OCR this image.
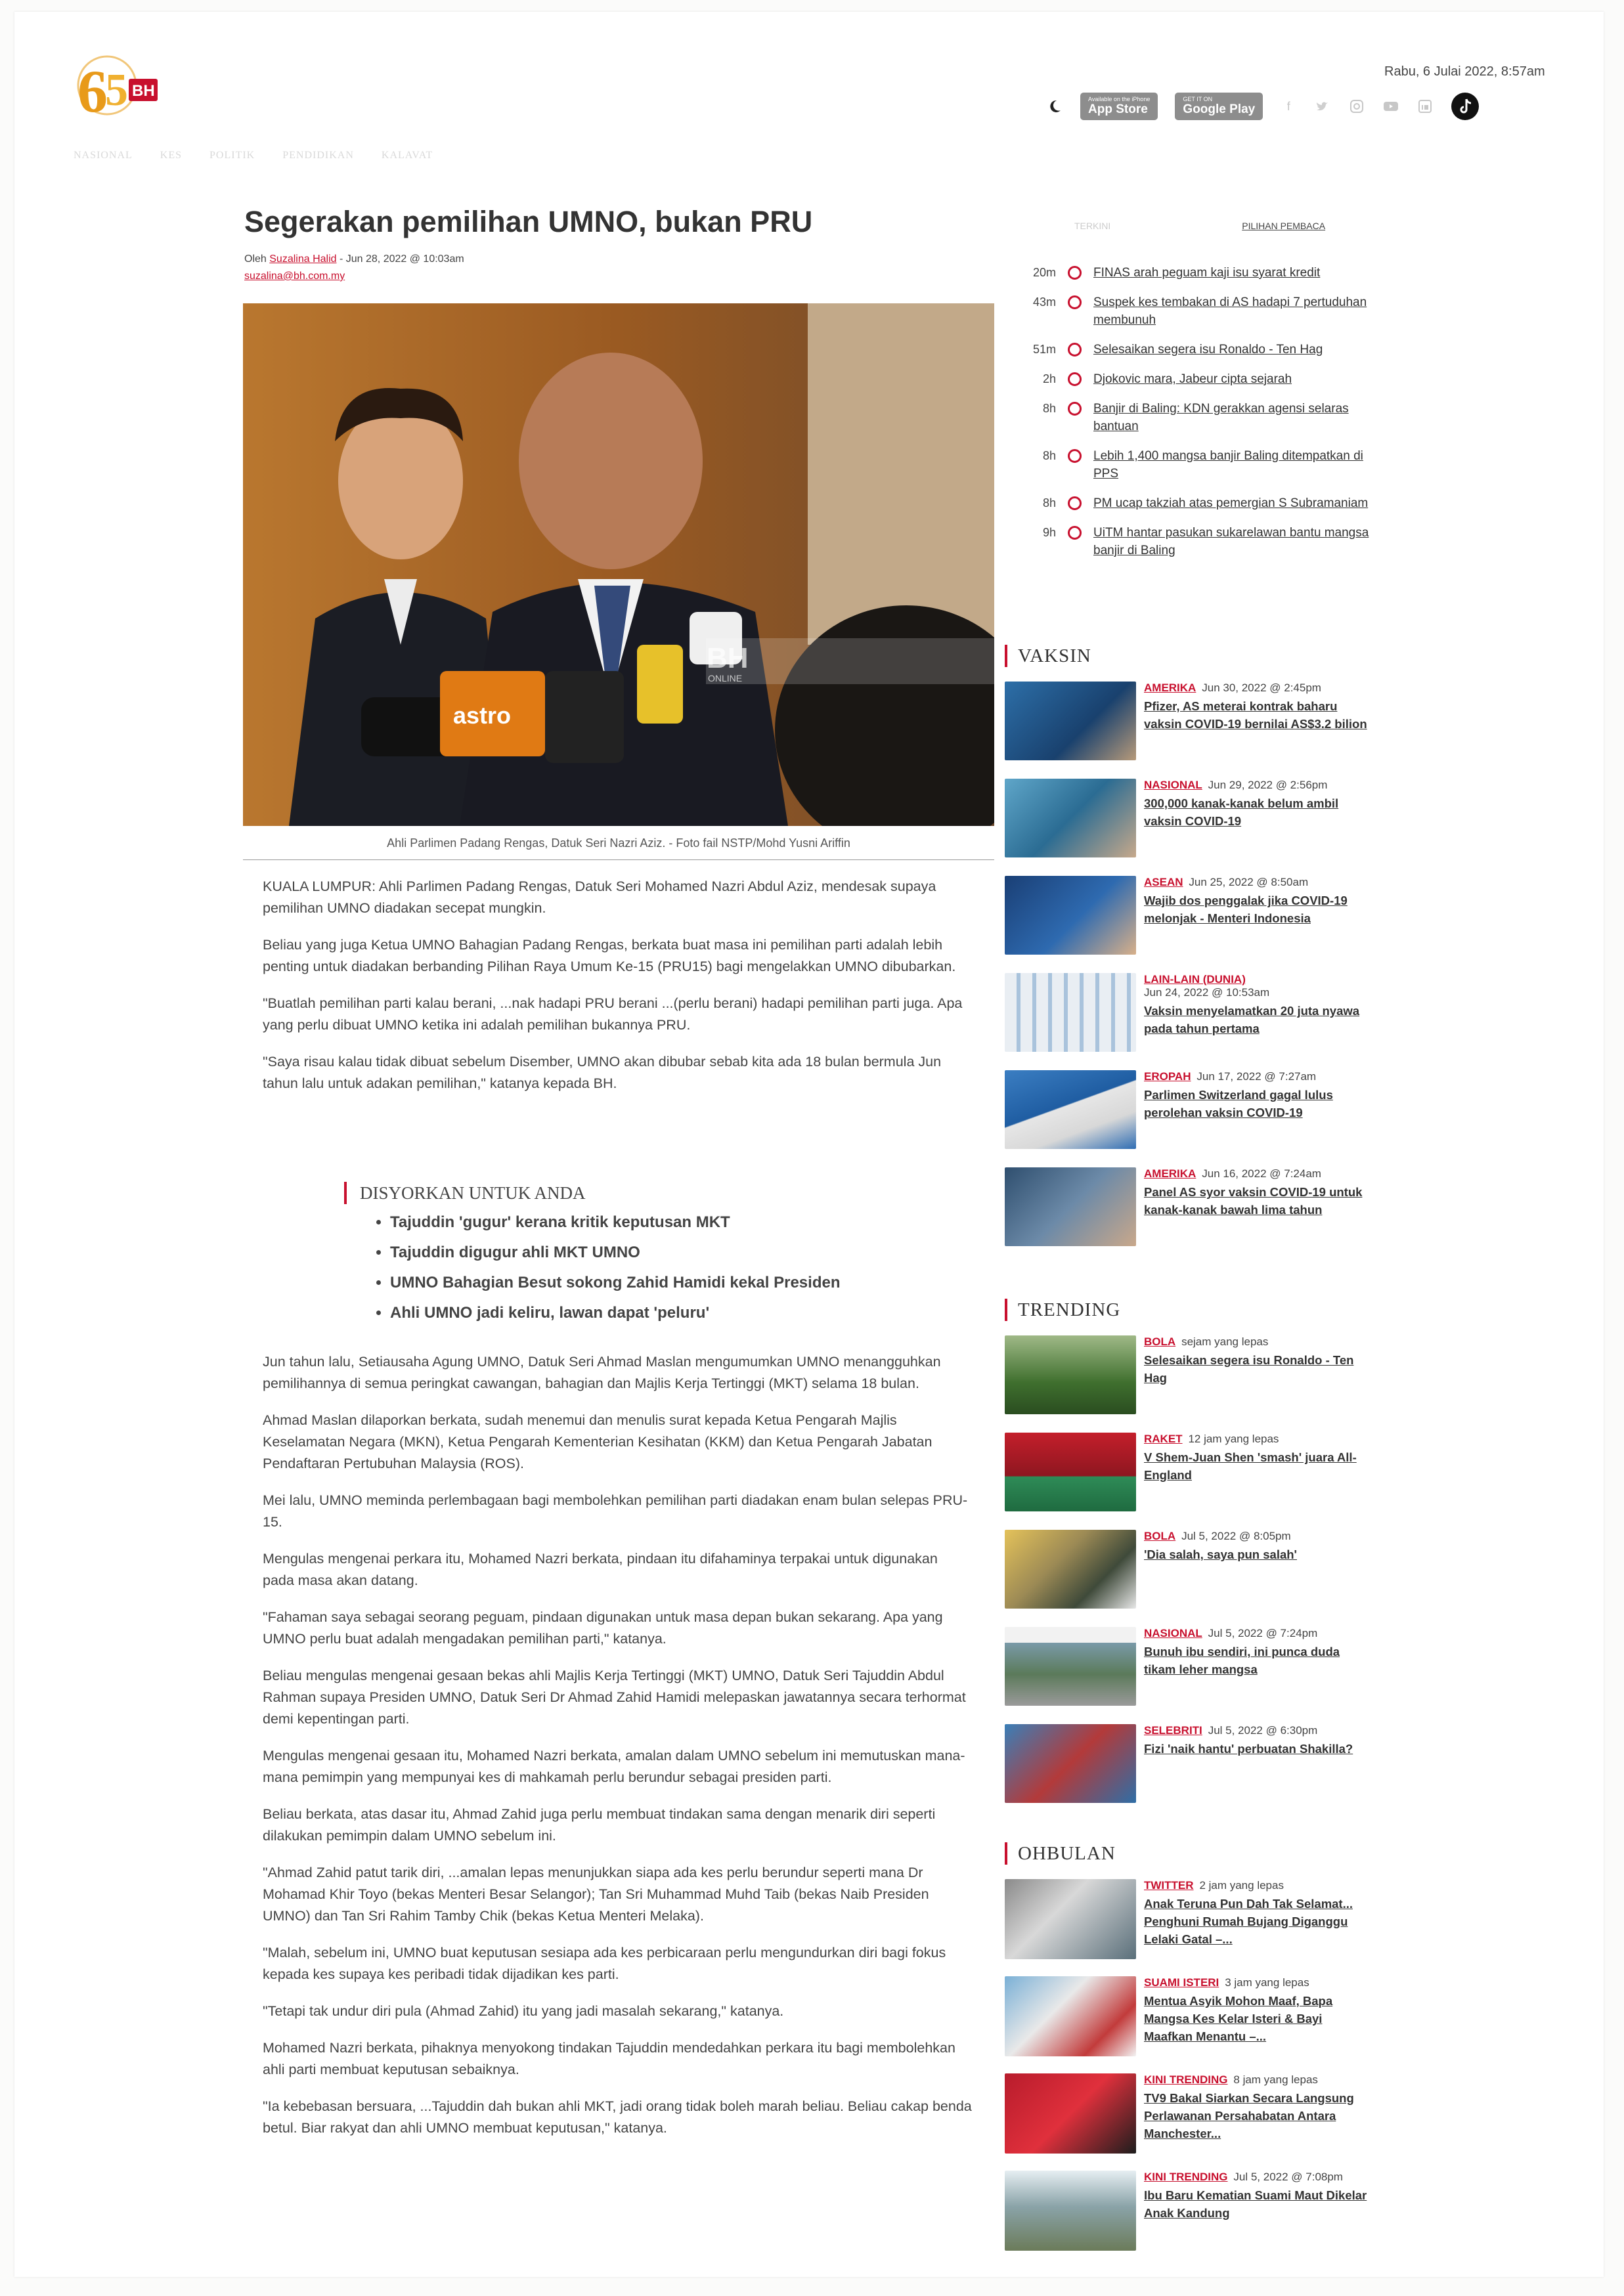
6
5 BH
Rabu, 6 Julai 2022, 8:57am
Available on the iPhone
App Store
GET IT ON
Google Play	f
NASIONAL	KES	POLITIK	PENDIDIKAN	KALAVAT
Segerakan pemilihan UMNO, bukan PRU
Oleh Suzalina Halid - Jun 28, 2022 @ 10:03am
suzalina@bh.com.my
astro
BH
ONLINE
Ahli Parlimen Padang Rengas, Datuk Seri Nazri Aziz. - Foto fail NSTP/Mohd Yusni Ariffin

KUALA LUMPUR: Ahli Parlimen Padang Rengas, Datuk Seri Mohamed Nazri Abdul Aziz, mendesak supaya pemilihan UMNO diadakan secepat mungkin.

Beliau yang juga Ketua UMNO Bahagian Padang Rengas, berkata buat masa ini pemilihan parti adalah lebih penting untuk diadakan berbanding Pilihan Raya Umum Ke-15 (PRU15) bagi mengelakkan UMNO dibubarkan.

"Buatlah pemilihan parti kalau berani, ...nak hadapi PRU berani ...(perlu berani) hadapi pemilihan parti juga. Apa yang perlu dibuat UMNO ketika ini adalah pemilihan bukannya PRU.

"Saya risau kalau tidak dibuat sebelum Disember, UMNO akan dibubar sebab kita ada 18 bulan bermula Jun tahun lalu untuk adakan pemilihan," katanya kepada BH.

DISYORKAN UNTUK ANDA
• Tajuddin 'gugur' kerana kritik keputusan MKT
• Tajuddin digugur ahli MKT UMNO
• UMNO Bahagian Besut sokong Zahid Hamidi kekal Presiden
• Ahli UMNO jadi keliru, lawan dapat 'peluru'

Jun tahun lalu, Setiausaha Agung UMNO, Datuk Seri Ahmad Maslan mengumumkan UMNO menangguhkan pemilihannya di semua peringkat cawangan, bahagian dan Majlis Kerja Tertinggi (MKT) selama 18 bulan.

Ahmad Maslan dilaporkan berkata, sudah menemui dan menulis surat kepada Ketua Pengarah Majlis Keselamatan Negara (MKN), Ketua Pengarah Kementerian Kesihatan (KKM) dan Ketua Pengarah Jabatan Pendaftaran Pertubuhan Malaysia (ROS).

Mei lalu, UMNO meminda perlembagaan bagi membolehkan pemilihan parti diadakan enam bulan selepas PRU-15.

Mengulas mengenai perkara itu, Mohamed Nazri berkata, pindaan itu difahaminya terpakai untuk digunakan pada masa akan datang.

"Fahaman saya sebagai seorang peguam, pindaan digunakan untuk masa depan bukan sekarang. Apa yang UMNO perlu buat adalah mengadakan pemilihan parti," katanya.

Beliau mengulas mengenai gesaan bekas ahli Majlis Kerja Tertinggi (MKT) UMNO, Datuk Seri Tajuddin Abdul Rahman supaya Presiden UMNO, Datuk Seri Dr Ahmad Zahid Hamidi melepaskan jawatannya secara terhormat demi kepentingan parti.

Mengulas mengenai gesaan itu, Mohamed Nazri berkata, amalan dalam UMNO sebelum ini memutuskan mana-mana pemimpin yang mempunyai kes di mahkamah perlu berundur sebagai presiden parti.

Beliau berkata, atas dasar itu, Ahmad Zahid juga perlu membuat tindakan sama dengan menarik diri seperti dilakukan pemimpin dalam UMNO sebelum ini.

"Ahmad Zahid patut tarik diri, ...amalan lepas menunjukkan siapa ada kes perlu berundur seperti mana Dr Mohamad Khir Toyo (bekas Menteri Besar Selangor); Tan Sri Muhammad Muhd Taib (bekas Naib Presiden UMNO) dan Tan Sri Rahim Tamby Chik (bekas Ketua Menteri Melaka).

"Malah, sebelum ini, UMNO buat keputusan sesiapa ada kes perbicaraan perlu mengundurkan diri bagi fokus kepada kes supaya kes peribadi tidak dijadikan kes parti.

"Tetapi tak undur diri pula (Ahmad Zahid) itu yang jadi masalah sekarang," katanya.

Mohamed Nazri berkata, pihaknya menyokong tindakan Tajuddin mendedahkan perkara itu bagi membolehkan ahli parti membuat keputusan sebaiknya.

"Ia kebebasan bersuara, ...Tajuddin dah bukan ahli MKT, jadi orang tidak boleh marah beliau. Beliau cakap benda betul. Biar rakyat dan ahli UMNO membuat keputusan," katanya.

TERKINI	PILIHAN PEMBACA
20m	FINAS arah peguam kaji isu syarat kredit
43m	Suspek kes tembakan di AS hadapi 7 pertuduhan membunuh
51m	Selesaikan segera isu Ronaldo - Ten Hag
2h	Djokovic mara, Jabeur cipta sejarah
8h	Banjir di Baling: KDN gerakkan agensi selaras bantuan
8h	Lebih 1,400 mangsa banjir Baling ditempatkan di PPS
8h	PM ucap takziah atas pemergian S Subramaniam
9h	UiTM hantar pasukan sukarelawan bantu mangsa banjir di Baling
VAKSIN
AMERIKA Jun 30, 2022 @ 2:45pm
Pfizer, AS meterai kontrak baharu vaksin COVID-19 bernilai AS$3.2 bilion
NASIONAL Jun 29, 2022 @ 2:56pm
300,000 kanak-kanak belum ambil vaksin COVID-19
ASEAN Jun 25, 2022 @ 8:50am
Wajib dos penggalak jika COVID-19 melonjak - Menteri Indonesia
LAIN-LAIN (DUNIA)
Jun 24, 2022 @ 10:53am
Vaksin menyelamatkan 20 juta nyawa pada tahun pertama
EROPAH Jun 17, 2022 @ 7:27am
Parlimen Switzerland gagal lulus perolehan vaksin COVID-19
AMERIKA Jun 16, 2022 @ 7:24am
Panel AS syor vaksin COVID-19 untuk kanak-kanak bawah lima tahun
TRENDING
BOLA sejam yang lepas
Selesaikan segera isu Ronaldo - Ten Hag
RAKET 12 jam yang lepas
V Shem-Juan Shen 'smash' juara All-England
BOLA Jul 5, 2022 @ 8:05pm
'Dia salah, saya pun salah'
NASIONAL Jul 5, 2022 @ 7:24pm
Bunuh ibu sendiri, ini punca duda tikam leher mangsa
SELEBRITI Jul 5, 2022 @ 6:30pm
Fizi 'naik hantu' perbuatan Shakilla?
OHBULAN
TWITTER 2 jam yang lepas
Anak Teruna Pun Dah Tak Selamat... Penghuni Rumah Bujang Diganggu Lelaki Gatal –...
SUAMI ISTERI 3 jam yang lepas
Mentua Asyik Mohon Maaf, Bapa Mangsa Kes Kelar Isteri & Bayi Maafkan Menantu –...
KINI TRENDING 8 jam yang lepas
TV9 Bakal Siarkan Secara Langsung Perlawanan Persahabatan Antara Manchester...
KINI TRENDING Jul 5, 2022 @ 7:08pm
Ibu Baru Kematian Suami Maut Dikelar Anak Kandung
